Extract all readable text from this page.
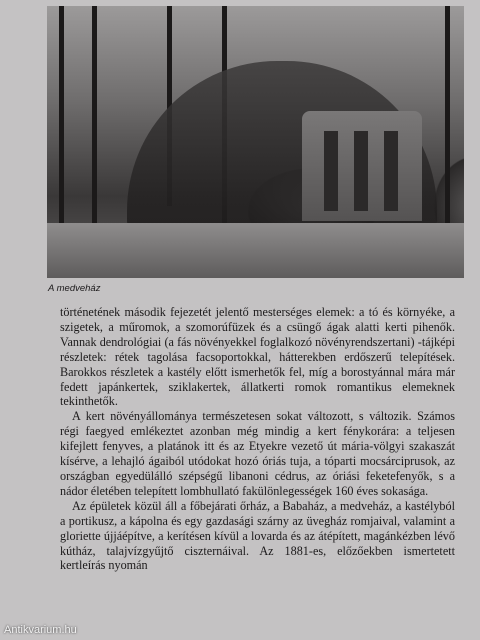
A medveház

történetének második fejezetét jelentő mesterséges elemek: a tó és környéke, a szigetek, a műromok, a szomorúfüzek és a csüngő ágak alatti kerti pihenők. Vannak dendrológiai (a fás növényekkel foglalkozó növényrendszertani) -tájképi részletek: rétek tagolása facsoportokkal, hátterekben erdőszerű telepítések. Barokkos részletek a kastély előtt ismerhetők fel, míg a borostyánnal mára már fedett japánkertek, sziklakertek, állatkerti romok romantikus elemeknek tekinthetők.

A kert növényállománya természetesen sokat változott, s változik. Számos régi faegyed emlékeztet azonban még mindig a kert fénykorára: a teljesen kifejlett fenyves, a platánok itt és az Etyekre vezető út mária-völgyi szakaszát kísérve, a lehajló ágaiból utódokat hozó óriás tuja, a tóparti mocsárciprusok, az országban egyedülálló szépségű libanoni cédrus, az óriási feketefenyők, s a nádor életében telepített lombhullató fakülönlegességek 160 éves sokasága.

Az épületek közül áll a főbejárati őrház, a Babaház, a medveház, a kastélyból a portikusz, a kápolna és egy gazdasági szárny az üvegház romjaival, valamint a gloriette újjáépítve, a kerítésen kívül a lovarda és az átépített, magánkézben lévő kútház, talajvízgyűjtő ciszternáival. Az 1881-es, előzőekben ismertetett kertleírás nyomán

Antikvarium.hu
